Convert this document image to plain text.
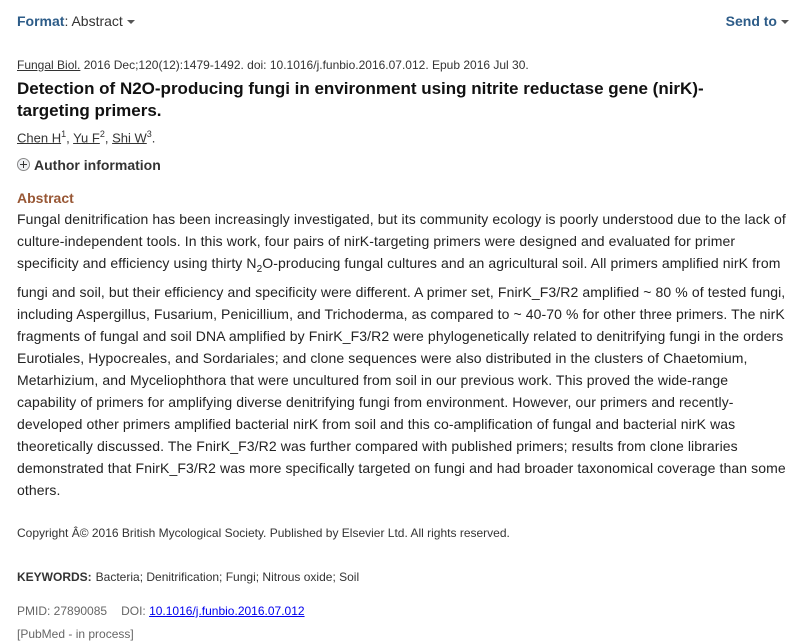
Format: Abstract	Send to
Fungal Biol. 2016 Dec;120(12):1479-1492. doi: 10.1016/j.funbio.2016.07.012. Epub 2016 Jul 30.
Detection of N2O-producing fungi in environment using nitrite reductase gene (nirK)-targeting primers.
Chen $H^1$, Yu $F^2$, Shi $W^3$.
Author information
Abstract
Fungal denitrification has been increasingly investigated, but its community ecology is poorly understood due to the lack of culture-independent tools. In this work, four pairs of nirK-targeting primers were designed and evaluated for primer specificity and efficiency using thirty $N_2O$-producing fungal cultures and an agricultural soil. All primers amplified nirK from fungi and soil, but their efficiency and specificity were different. A primer set, FnirK_F3/R2 amplified ~ 80 % of tested fungi, including Aspergillus, Fusarium, Penicillium, and Trichoderma, as compared to ~ 40-70 % for other three primers. The nirK fragments of fungal and soil DNA amplified by FnirK_F3/R2 were phylogenetically related to denitrifying fungi in the orders Eurotiales, Hypocreales, and Sordariales; and clone sequences were also distributed in the clusters of Chaetomium, Metarhizium, and Myceliophthora that were uncultured from soil in our previous work. This proved the wide-range capability of primers for amplifying diverse denitrifying fungi from environment. However, our primers and recently-developed other primers amplified bacterial nirK from soil and this co-amplification of fungal and bacterial nirK was theoretically discussed. The FnirK_F3/R2 was further compared with published primers; results from clone libraries demonstrated that FnirK_F3/R2 was more specifically targeted on fungi and had broader taxonomical coverage than some others.
Copyright Â© 2016 British Mycological Society. Published by Elsevier Ltd. All rights reserved.
KEYWORDS: Bacteria; Denitrification; Fungi; Nitrous oxide; Soil
PMID: 27890085 DOI: 10.1016/j.funbio.2016.07.012
[PubMed - in process]
